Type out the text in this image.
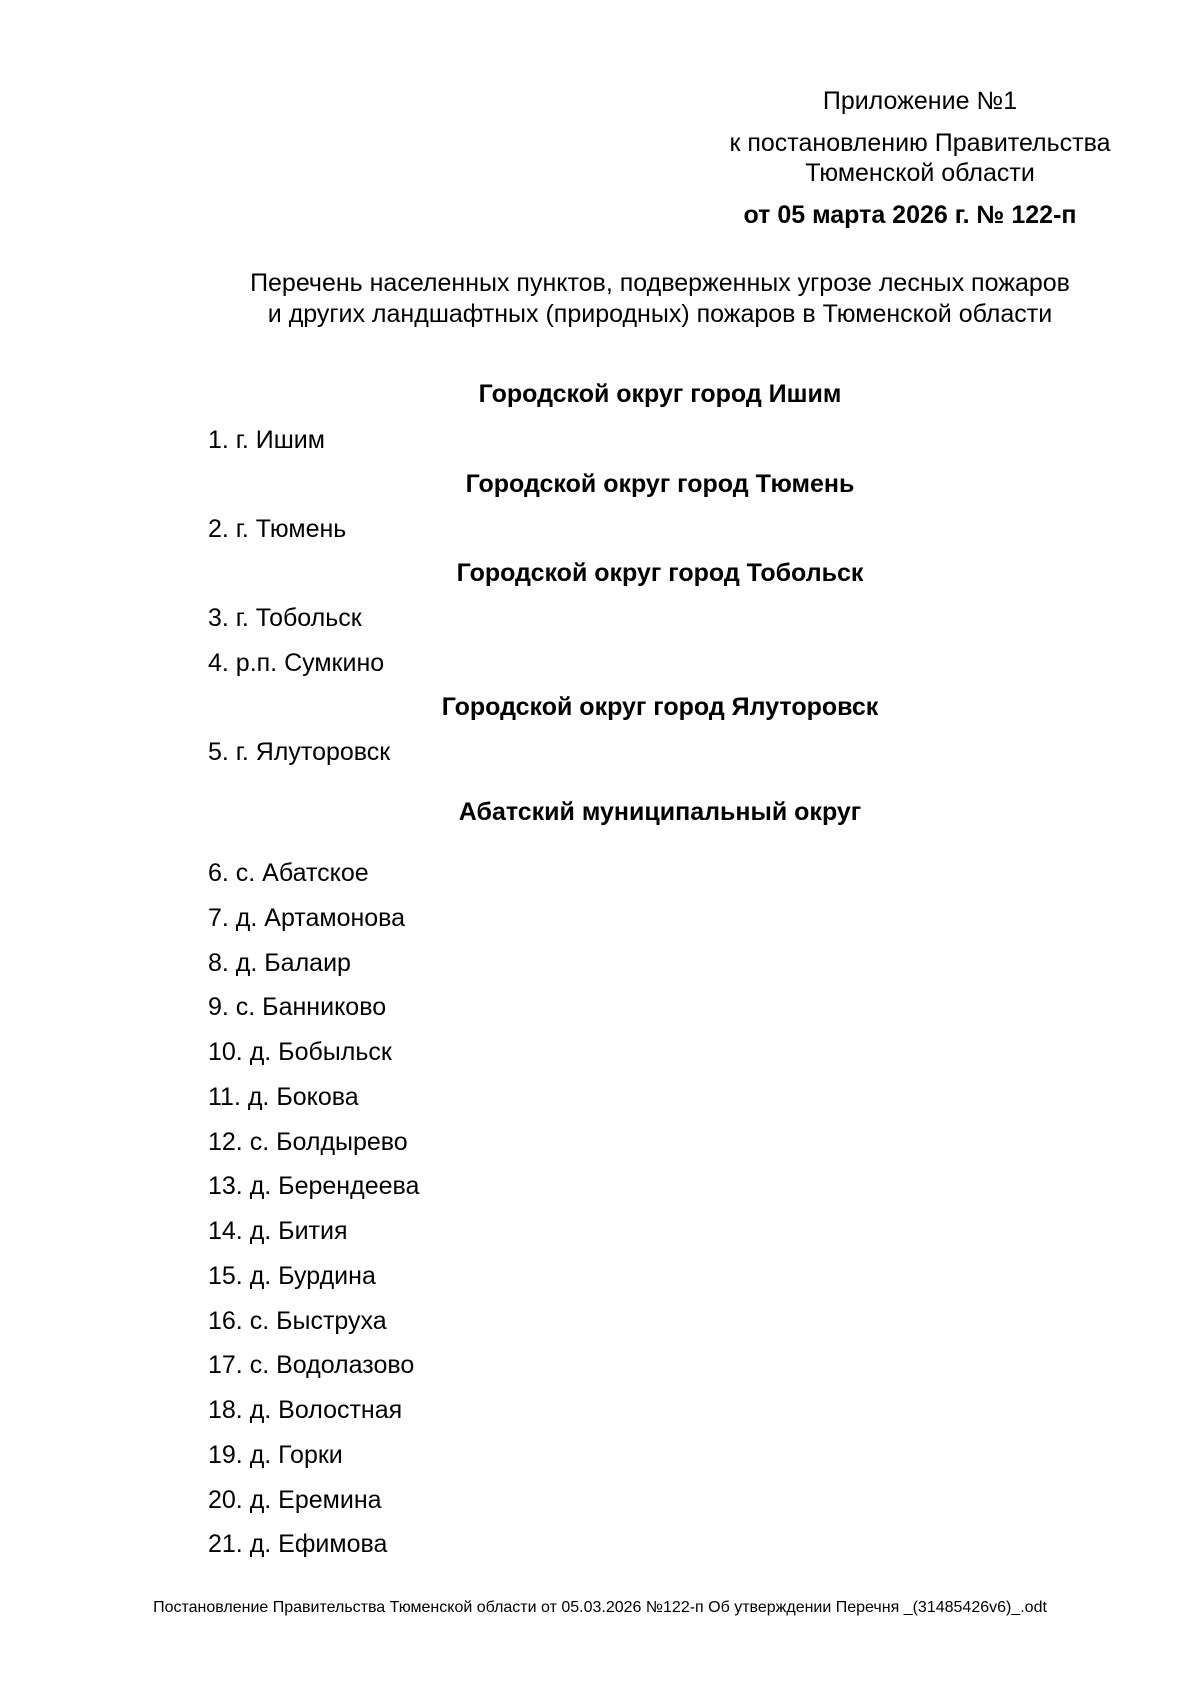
Приложение №1
к постановлению Правительства
Тюменской области
от 05 марта 2026 г. № 122-п
Перечень населенных пунктов, подверженных угрозе лесных пожаров
и других ландшафтных (природных) пожаров в Тюменской области
Городской округ город Ишим
1. г. Ишим
Городской округ город Тюмень
2. г. Тюмень
Городской округ город Тобольск
3. г. Тобольск
4. р.п. Сумкино
Городской округ город Ялуторовск
5. г. Ялуторовск
Абатский муниципальный округ
6. с. Абатское
7. д. Артамонова
8. д. Балаир
9. с. Банниково
10. д. Бобыльск
11. д. Бокова
12. с. Болдырево
13. д. Берендеева
14. д. Бития
15. д. Бурдина
16. с. Быструха
17. с. Водолазово
18. д. Волостная
19. д. Горки
20. д. Еремина
21. д. Ефимова
Постановление Правительства Тюменской области от 05.03.2026 №122-п Об утверждении Перечня _(31485426v6)_.odt
